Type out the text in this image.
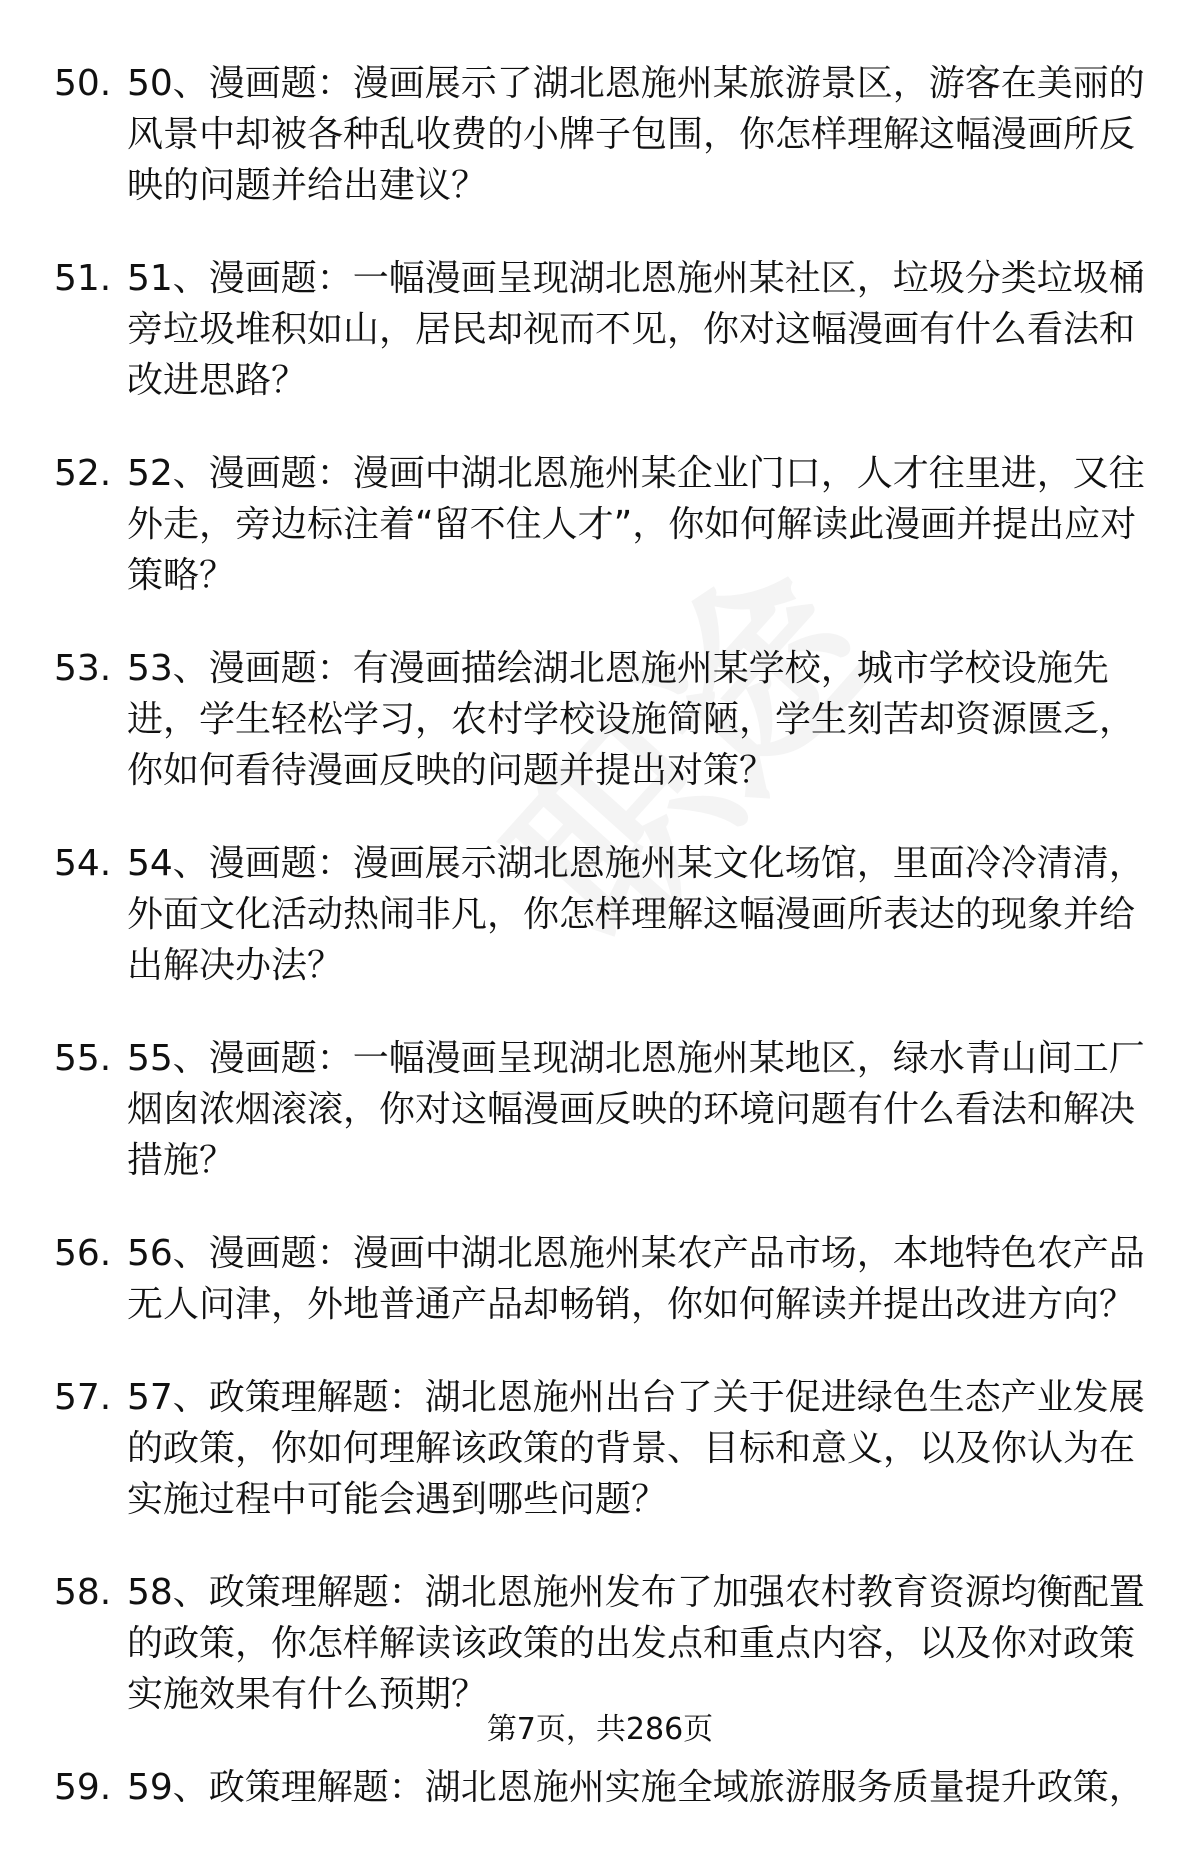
50. 50、漫画题：漫画展示了湖北恩施州某旅游景区，游客在美丽的风景中却被各种乱收费的小牌子包围，你怎样理解这幅漫画所反映的问题并给出建议？
51. 51、漫画题：一幅漫画呈现湖北恩施州某社区，垃圾分类垃圾桶旁垃圾堆积如山，居民却视而不见，你对这幅漫画有什么看法和改进思路？
52. 52、漫画题：漫画中湖北恩施州某企业门口，人才往里进，又往外走，旁边标注着“留不住人才”，你如何解读此漫画并提出应对策略？
53. 53、漫画题：有漫画描绘湖北恩施州某学校，城市学校设施先进，学生轻松学习，农村学校设施简陋，学生刻苦却资源匮乏，你如何看待漫画反映的问题并提出对策？
54. 54、漫画题：漫画展示湖北恩施州某文化场馆，里面冷冷清清，外面文化活动热闹非凡，你怎样理解这幅漫画所表达的现象并给出解决办法？
55. 55、漫画题：一幅漫画呈现湖北恩施州某地区，绿水青山间工厂烟囱浓烟滚滚，你对这幅漫画反映的环境问题有什么看法和解决措施？
56. 56、漫画题：漫画中湖北恩施州某农产品市场，本地特色农产品无人问津，外地普通产品却畅销，你如何解读并提出改进方向？
57. 57、政策理解题：湖北恩施州出台了关于促进绿色生态产业发展的政策，你如何理解该政策的背景、目标和意义，以及你认为在实施过程中可能会遇到哪些问题？
58. 58、政策理解题：湖北恩施州发布了加强农村教育资源均衡配置的政策，你怎样解读该政策的出发点和重点内容，以及你对政策实施效果有什么预期？
59. 59、政策理解题：湖北恩施州实施全域旅游服务质量提升政策，
第7页，共286页
